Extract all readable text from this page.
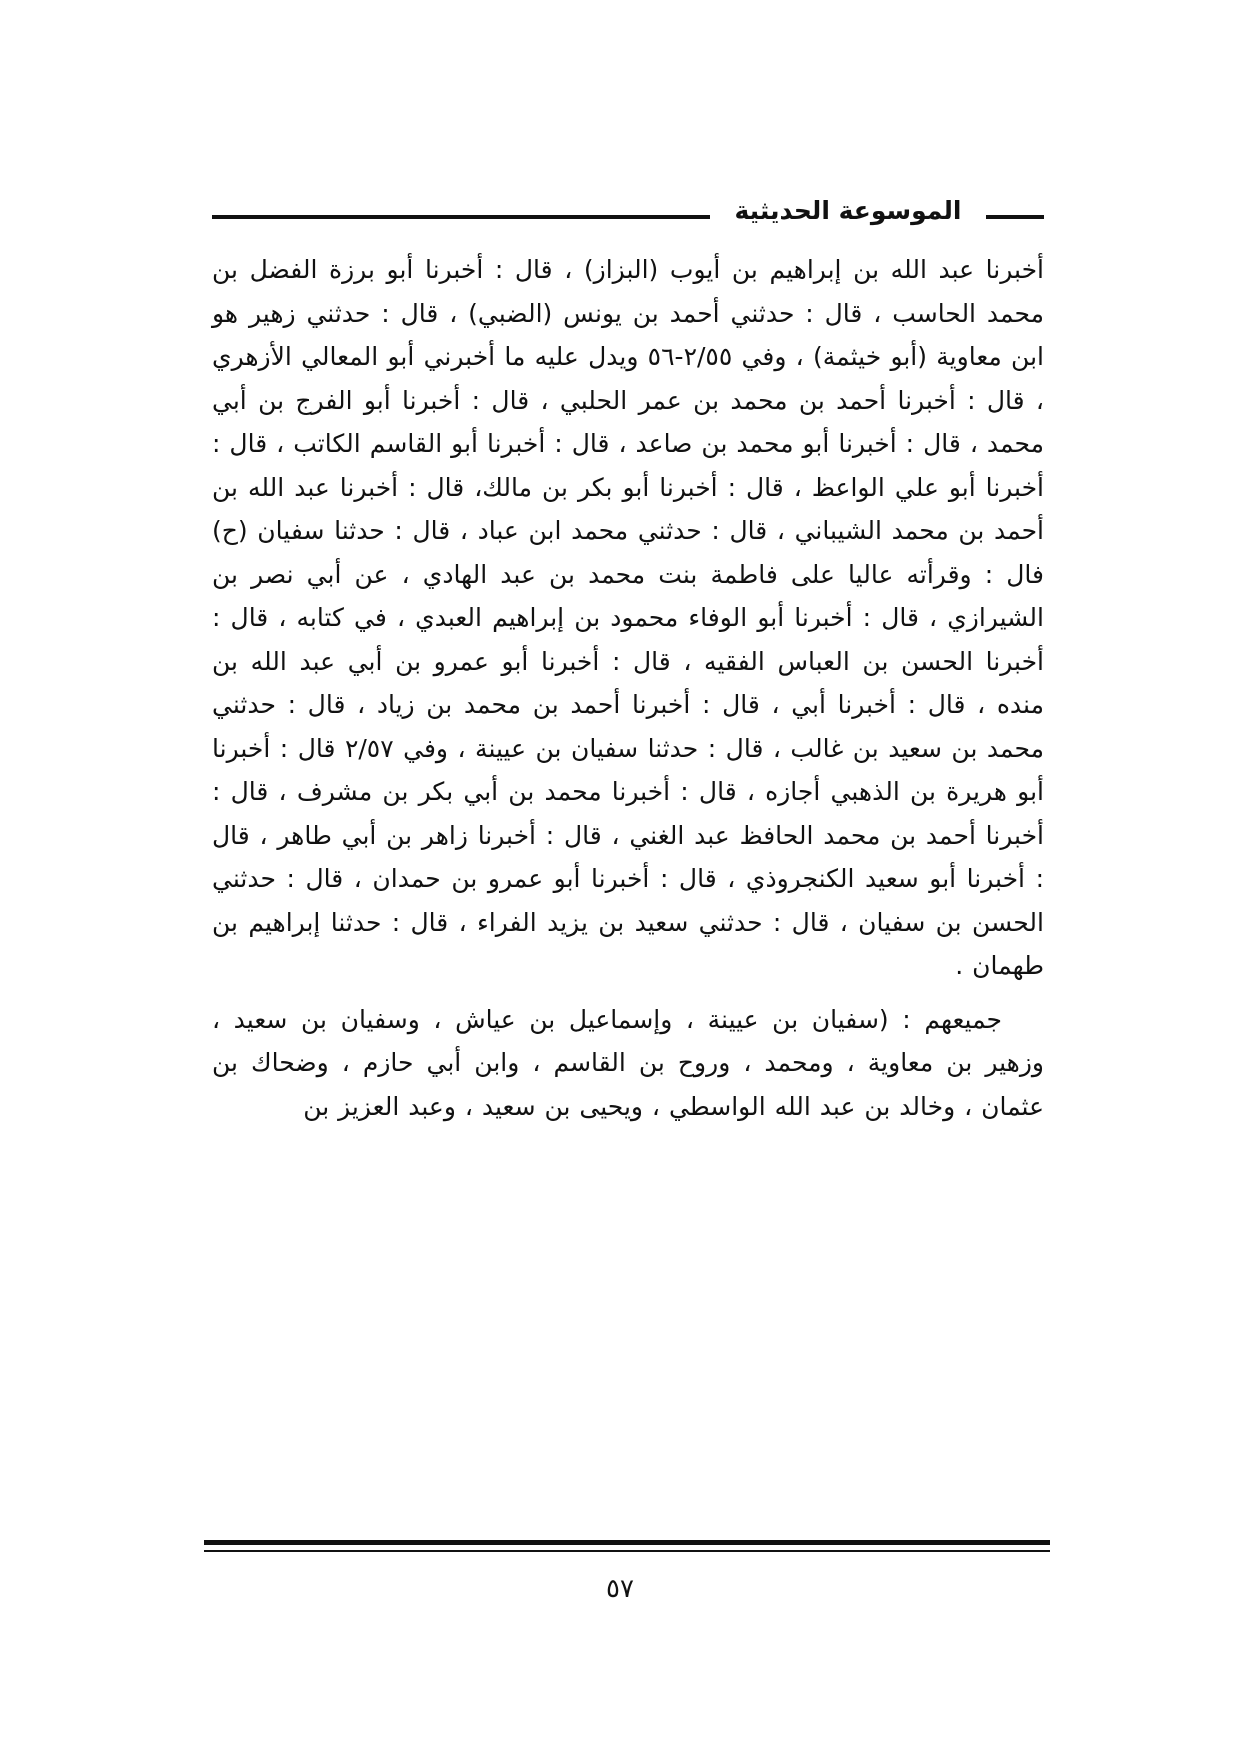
الموسوعة الحديثية

أخبرنا عبد الله بن إبراهيم بن أيوب (البزاز) ، قال : أخبرنا أبو برزة الفضل بن محمد الحاسب ، قال : حدثني أحمد بن يونس (الضبي) ، قال : حدثني زهير هو ابن معاوية (أبو خيثمة) ، وفي ٢/٥٥-٥٦ ويدل عليه ما أخبرني أبو المعالي الأزهري ، قال : أخبرنا أحمد بن محمد بن عمر الحلبي ، قال : أخبرنا أبو الفرج بن أبي محمد ، قال : أخبرنا أبو محمد بن صاعد ، قال : أخبرنا أبو القاسم الكاتب ، قال : أخبرنا أبو علي الواعظ ، قال : أخبرنا أبو بكر بن مالك، قال : أخبرنا عبد الله بن أحمد بن محمد الشيباني ، قال : حدثني محمد ابن عباد ، قال : حدثنا سفيان (ح) فال : وقرأته عاليا على فاطمة بنت محمد بن عبد الهادي ، عن أبي نصر بن الشيرازي ، قال : أخبرنا أبو الوفاء محمود بن إبراهيم العبدي ، في كتابه ، قال : أخبرنا الحسن بن العباس الفقيه ، قال : أخبرنا أبو عمرو بن أبي عبد الله بن منده ، قال : أخبرنا أبي ، قال : أخبرنا أحمد بن محمد بن زياد ، قال : حدثني محمد بن سعيد بن غالب ، قال : حدثنا سفيان بن عيينة ، وفي ٢/٥٧ قال : أخبرنا أبو هريرة بن الذهبي أجازه ، قال : أخبرنا محمد بن أبي بكر بن مشرف ، قال : أخبرنا أحمد بن محمد الحافظ عبد الغني ، قال : أخبرنا زاهر بن أبي طاهر ، قال : أخبرنا أبو سعيد الكنجروذي ، قال : أخبرنا أبو عمرو بن حمدان ، قال : حدثني الحسن بن سفيان ، قال : حدثني سعيد بن يزيد الفراء ، قال : حدثنا إبراهيم بن طهمان .

جميعهم : (سفيان بن عيينة ، وإسماعيل بن عياش ، وسفيان بن سعيد ، وزهير بن معاوية ، ومحمد ، وروح بن القاسم ، وابن أبي حازم ، وضحاك بن عثمان ، وخالد بن عبد الله الواسطي ، ويحيى بن سعيد ، وعبد العزيز بن

٥٧
